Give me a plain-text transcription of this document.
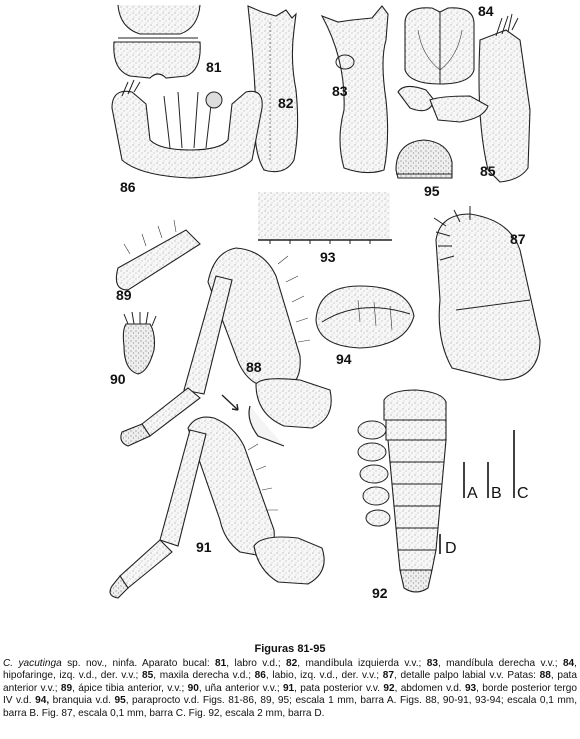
81
82
83
84
85
95
86
93
87
89
94
90
88
91
92
A B C
D
Figuras 81-95
C. yacutinga sp. nov., ninfa. Aparato bucal: 81, labro v.d.; 82, mandíbula izquierda v.v.; 83, mandíbula derecha v.v.; 84, hipofaringe, izq. v.d., der. v.v.; 85, maxila derecha v.d.; 86, labio, izq. v.d., der. v.v.; 87, detalle palpo labial v.v. Patas: 88, pata anterior v.v.; 89, ápice tibia anterior, v.v.; 90, uña anterior v.v.; 91, pata posterior v.v. 92, abdomen v.d. 93, borde posterior tergo IV v.d. 94, branquia v.d. 95, paraprocto v.d. Figs. 81-86, 89, 95; escala 1 mm, barra A. Figs. 88, 90-91, 93-94; escala 0,1 mm, barra B. Fig. 87, escala 0,1 mm, barra C. Fig. 92, escala 2 mm, barra D.
